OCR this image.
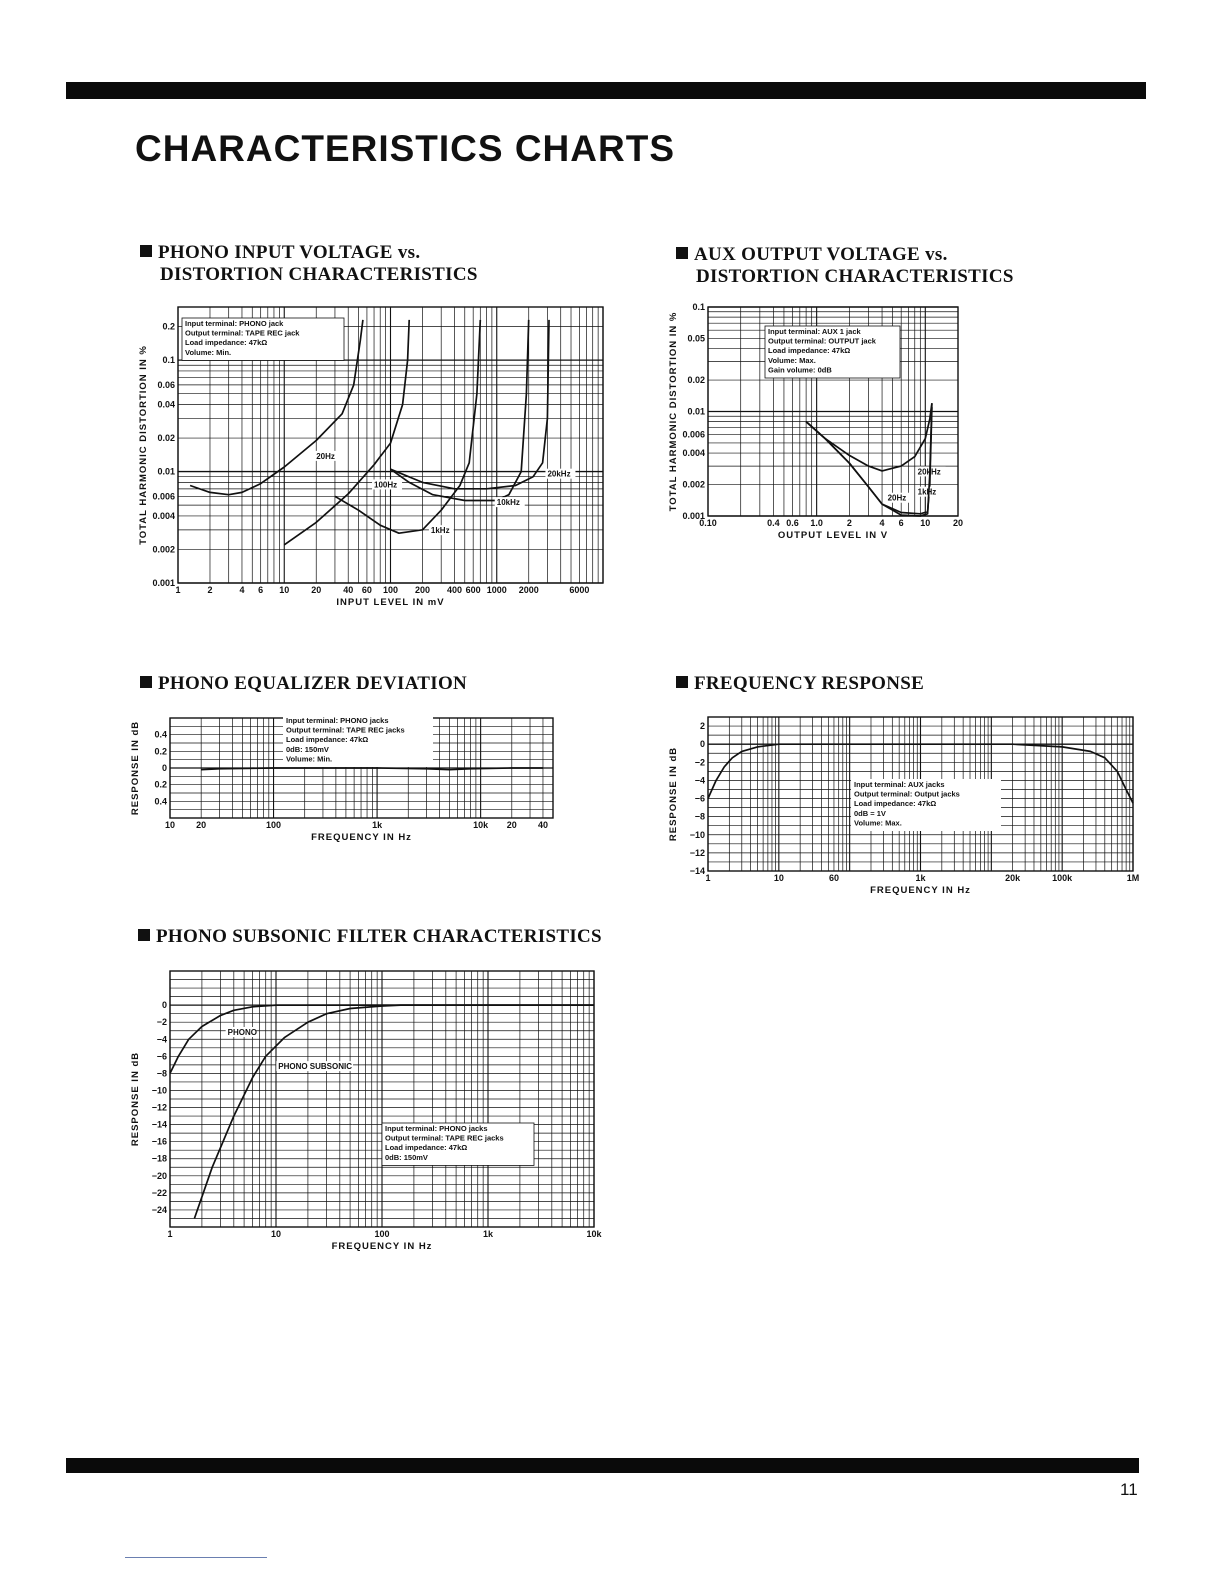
CHARACTERISTICS CHARTS
PHONO INPUT VOLTAGE vs.
DISTORTION CHARACTERISTICS
AUX OUTPUT VOLTAGE vs.
DISTORTION CHARACTERISTICS
PHONO EQUALIZER DEVIATION	FREQUENCY RESPONSE
PHONO SUBSONIC FILTER CHARACTERISTICS
Input terminal: PHONO jack
Output terminal: TAPE REC jack
Load impedance: 47kΩ
Volume: Min.
20Hz
100Hz
1kHz
10kHz
20kHz
1	2	4 6 10 20 40 60 100 200 400 600 1000 2000	6000
0.001
0.002
0.004
0.006
0.01
0.02
0.04
0.06
0.1
0.2
INPUT LEVEL IN mV
TOTAL HARMONIC DISTORTION IN %
Input terminal: AUX 1 jack
Output terminal: OUTPUT jack
Load impedance: 47kΩ
Volume: Max.
Gain volume: 0dB
20kHz
1kHz
20Hz
0.10	0.4 0.6 1.0	2	4 6 10	20
0.001
0.002
0.004
0.006
0.01
0.02
0.05
0.1
OUTPUT LEVEL IN V
TOTAL HARMONIC DISTORTION IN %
Input terminal: PHONO jacks
Output terminal: TAPE REC jacks
Load impedance: 47kΩ
0dB: 150mV
Volume: Min.
10 20	100	1k	10k 20 40
0.4
0.2
0
0.2
0.4
FREQUENCY IN Hz
RESPONSE IN dB	Input terminal: AUX jacks
Output terminal: Output jacks
Load impedance: 47kΩ
0dB = 1V
Volume: Max.
1	10	60	1k	20k	100k	1M
2
0
−2
−4
−6
−8
−10
−12
−14
FREQUENCY IN Hz
RESPONSE IN dB
Input terminal: PHONO jacks
Output terminal: TAPE REC jacks
Load impedance: 47kΩ
0dB: 150mV
PHONO
PHONO SUBSONIC
1	10	100	1k	10k
0
−2
−4
−6
−8
−10
−12
−14
−16
−18
−20
−22
−24
FREQUENCY IN Hz
RESPONSE IN dB
11
